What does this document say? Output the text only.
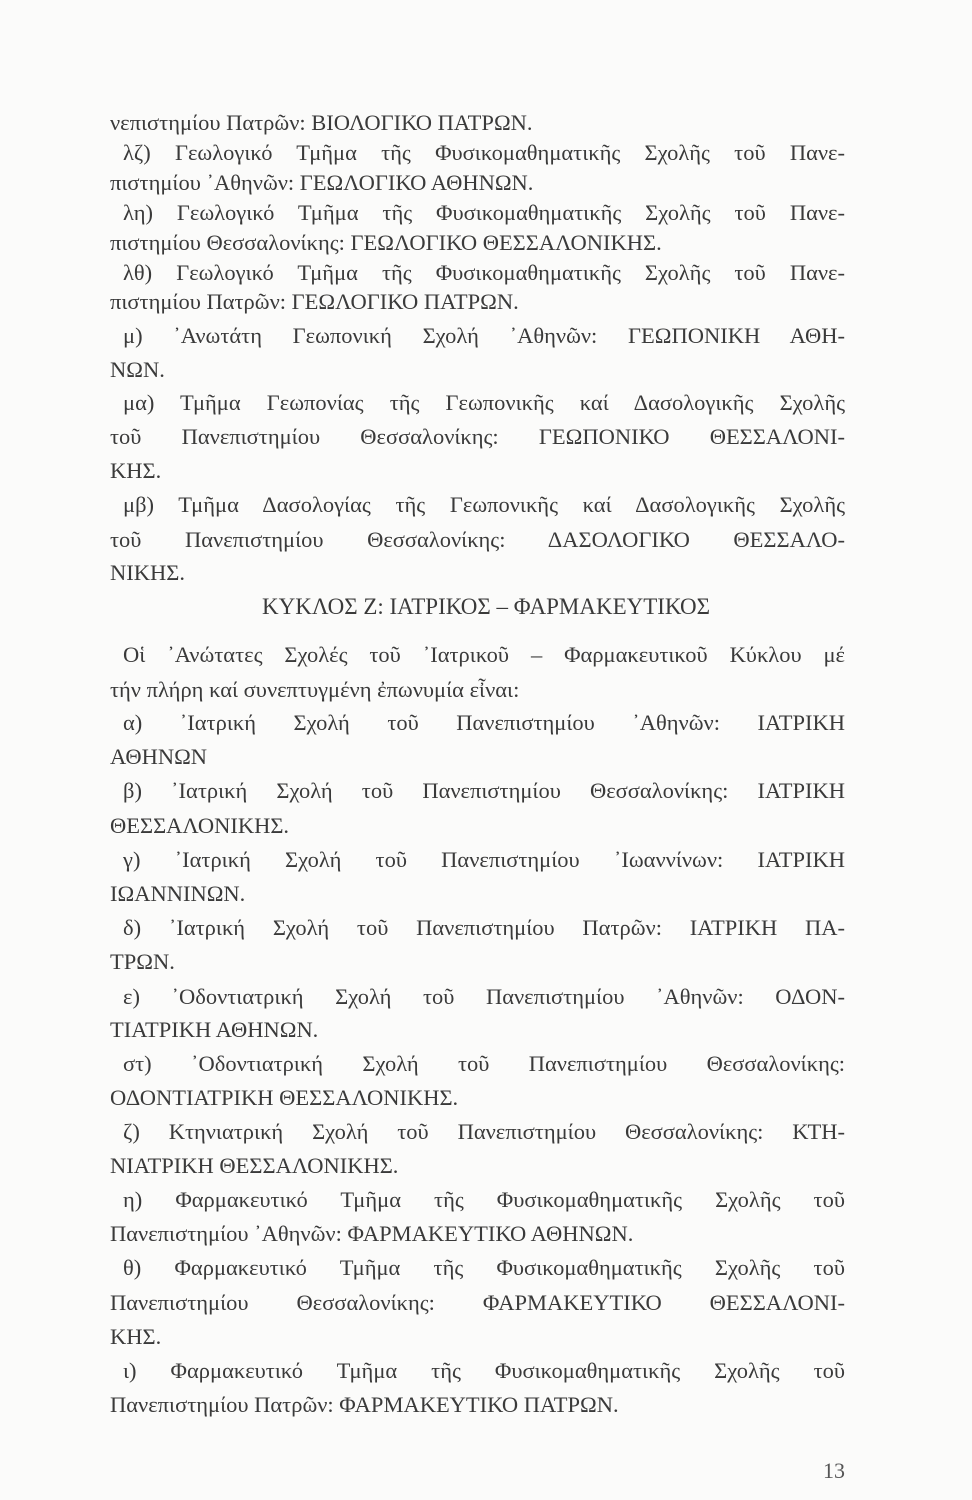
13
νεπιστημίου Πατρῶν: ΒΙΟΛΟΓΙΚΟ ΠΑΤΡΩΝ.
λζ) Γεωλογικό Τμῆμα τῆς Φυσικομαθηματικῆς Σχολῆς τοῦ Πανε-
πιστημίου ᾿Αθηνῶν: ΓΕΩΛΟΓΙΚΟ ΑΘΗΝΩΝ.
λη) Γεωλογικό Τμῆμα τῆς Φυσικομαθηματικῆς Σχολῆς τοῦ Πανε-
πιστημίου Θεσσαλονίκης: ΓΕΩΛΟΓΙΚΟ ΘΕΣΣΑΛΟΝΙΚΗΣ.
λθ) Γεωλογικό Τμῆμα τῆς Φυσικομαθηματικῆς Σχολῆς τοῦ Πανε-
πιστημίου Πατρῶν: ΓΕΩΛΟΓΙΚΟ ΠΑΤΡΩΝ.
μ) ᾿Ανωτάτη Γεωπονική Σχολή ᾿Αθηνῶν: ΓΕΩΠΟΝΙΚΗ ΑΘΗ-
ΝΩΝ.
μα) Τμῆμα Γεωπονίας τῆς Γεωπονικῆς καί Δασολογικῆς Σχολῆς
τοῦ Πανεπιστημίου Θεσσαλονίκης: ΓΕΩΠΟΝΙΚΟ ΘΕΣΣΑΛΟΝΙ-
ΚΗΣ.
μβ) Τμῆμα Δασολογίας τῆς Γεωπονικῆς καί Δασολογικῆς Σχολῆς
τοῦ Πανεπιστημίου Θεσσαλονίκης: ΔΑΣΟΛΟΓΙΚΟ ΘΕΣΣΑΛΟ-
ΝΙΚΗΣ.
ΚΥΚΛΟΣ Ζ: ΙΑΤΡΙΚΟΣ – ΦΑΡΜΑΚΕΥΤΙΚΟΣ
Οἱ ᾿Ανώτατες Σχολές τοῦ ᾿Ιατρικοῦ – Φαρμακευτικοῦ Κύκλου μέ
τήν πλήρη καί συνεπτυγμένη ἐπωνυμία εἶναι:
α) ᾿Ιατρική Σχολή τοῦ Πανεπιστημίου ᾿Αθηνῶν: ΙΑΤΡΙΚΗ
ΑΘΗΝΩΝ
β) ᾿Ιατρική Σχολή τοῦ Πανεπιστημίου Θεσσαλονίκης: ΙΑΤΡΙΚΗ
ΘΕΣΣΑΛΟΝΙΚΗΣ.
γ) ᾿Ιατρική Σχολή τοῦ Πανεπιστημίου ᾿Ιωαννίνων: ΙΑΤΡΙΚΗ
ΙΩΑΝΝΙΝΩΝ.
δ) ᾿Ιατρική Σχολή τοῦ Πανεπιστημίου Πατρῶν: ΙΑΤΡΙΚΗ ΠΑ-
ΤΡΩΝ.
ε) ᾿Οδοντιατρική Σχολή τοῦ Πανεπιστημίου ᾿Αθηνῶν: ΟΔΟΝ-
ΤΙΑΤΡΙΚΗ ΑΘΗΝΩΝ.
στ) ᾿Οδοντιατρική Σχολή τοῦ Πανεπιστημίου Θεσσαλονίκης:
ΟΔΟΝΤΙΑΤΡΙΚΗ ΘΕΣΣΑΛΟΝΙΚΗΣ.
ζ) Κτηνιατρική Σχολή τοῦ Πανεπιστημίου Θεσσαλονίκης: ΚΤΗ-
ΝΙΑΤΡΙΚΗ ΘΕΣΣΑΛΟΝΙΚΗΣ.
η) Φαρμακευτικό Τμῆμα τῆς Φυσικομαθηματικῆς Σχολῆς τοῦ
Πανεπιστημίου ᾿Αθηνῶν: ΦΑΡΜΑΚΕΥΤΙΚΟ ΑΘΗΝΩΝ.
θ) Φαρμακευτικό Τμῆμα τῆς Φυσικομαθηματικῆς Σχολῆς τοῦ
Πανεπιστημίου Θεσσαλονίκης: ΦΑΡΜΑΚΕΥΤΙΚΟ ΘΕΣΣΑΛΟΝΙ-
ΚΗΣ.
ι) Φαρμακευτικό Τμῆμα τῆς Φυσικομαθηματικῆς Σχολῆς τοῦ
Πανεπιστημίου Πατρῶν: ΦΑΡΜΑΚΕΥΤΙΚΟ ΠΑΤΡΩΝ.
